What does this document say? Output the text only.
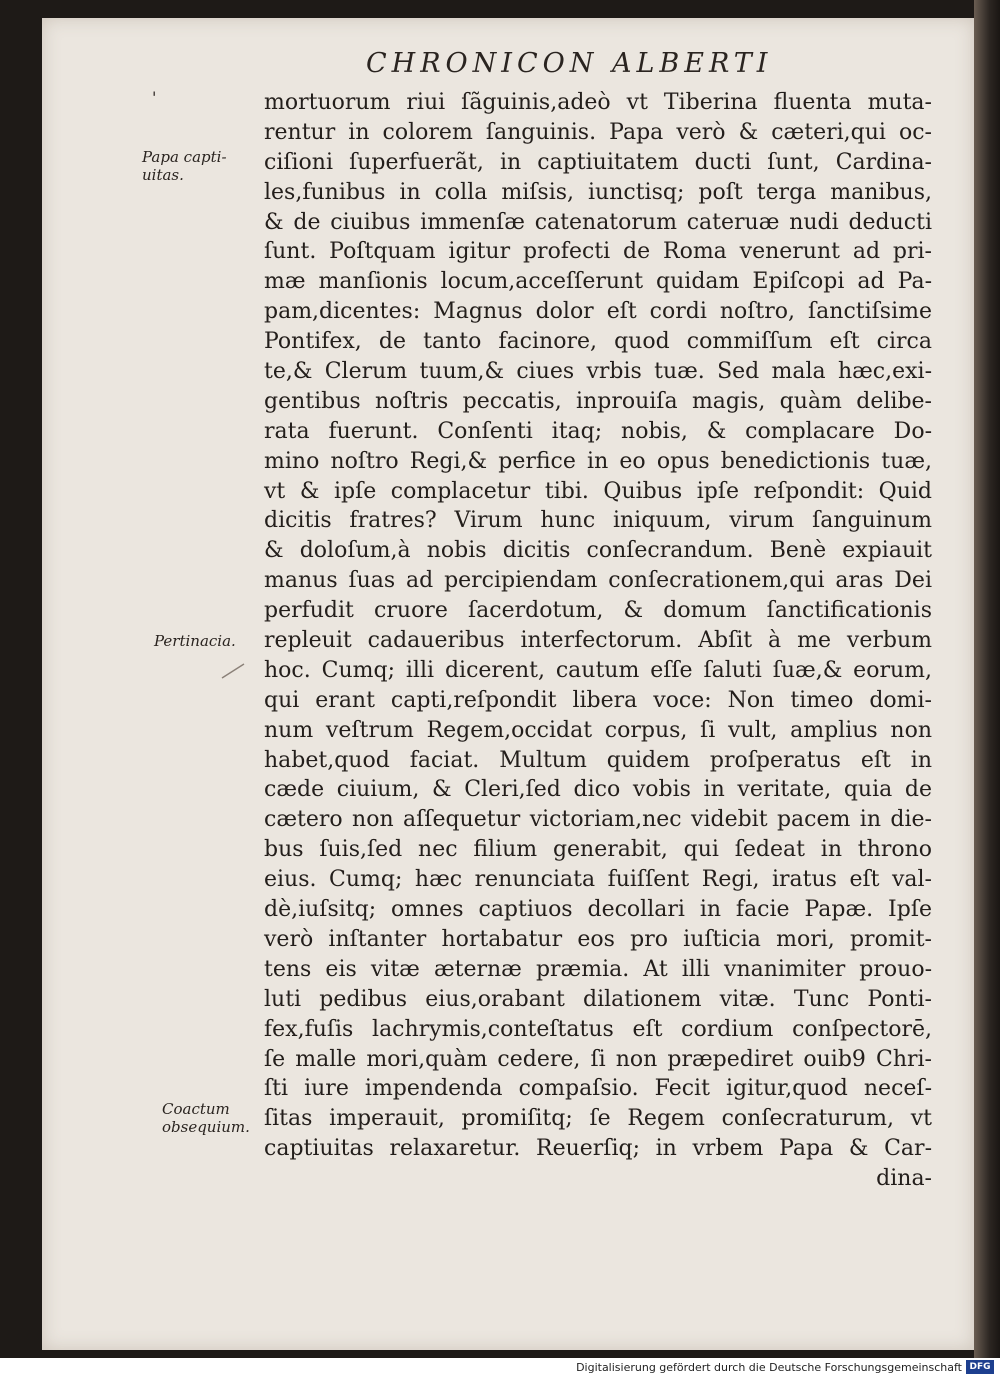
CHRONICON ALBERTI
'
Papa capti- uitas.
Pertinacia.
Coactum obsequium.
mortuorum riui ſãguinis,adeò vt Tiberina fluenta muta-
rentur in colorem ſanguinis. Papa verò & cæteri,qui oc-
ciſioni ſuperfuerãt, in captiuitatem ducti ſunt, Cardina-
les,funibus in colla miſsis, iunctisq; poſt terga manibus,
& de ciuibus immenſæ catenatorum cateruæ nudi deducti
ſunt. Poſtquam igitur profecti de Roma venerunt ad pri-
mæ manſionis locum,acceſſerunt quidam Epiſcopi ad Pa-
pam,dicentes: Magnus dolor eſt cordi noſtro, ſanctiſsime
Pontifex, de tanto facinore, quod commiſſum eſt circa
te,& Clerum tuum,& ciues vrbis tuæ. Sed mala hæc,exi-
gentibus noſtris peccatis, inprouiſa magis, quàm delibe-
rata fuerunt. Conſenti itaq; nobis, & complacare Do-
mino noſtro Regi,& perfice in eo opus benedictionis tuæ,
vt & ipſe complacetur tibi. Quibus ipſe reſpondit: Quid
dicitis fratres? Virum hunc iniquum, virum ſanguinum
& doloſum,à nobis dicitis conſecrandum. Benè expiauit
manus ſuas ad percipiendam conſecrationem,qui aras Dei
perfudit cruore ſacerdotum, & domum ſanctificationis
repleuit cadaueribus interfectorum. Abſit à me verbum
hoc. Cumq; illi dicerent, cautum eſſe ſaluti ſuæ,& eorum,
qui erant capti,reſpondit libera voce: Non timeo domi-
num veſtrum Regem,occidat corpus, ſi vult, amplius non
habet,quod faciat. Multum quidem proſperatus eſt in
cæde ciuium, & Cleri,ſed dico vobis in veritate, quia de
cætero non aſſequetur victoriam,nec videbit pacem in die-
bus ſuis,ſed nec filium generabit, qui ſedeat in throno
eius. Cumq; hæc renunciata fuiſſent Regi, iratus eſt val-
dè,iuſsitq; omnes captiuos decollari in facie Papæ. Ipſe
verò inſtanter hortabatur eos pro iuſticia mori, promit-
tens eis vitæ æternæ præmia. At illi vnanimiter prouo-
luti pedibus eius,orabant dilationem vitæ. Tunc Ponti-
fex,fuſis lachrymis,conteſtatus eſt cordium conſpectorē,
ſe malle mori,quàm cedere, ſi non præpediret ouib9 Chri-
ſti iure impendenda compaſsio. Fecit igitur,quod neceſ-
ſitas imperauit, promiſitq; ſe Regem conſecraturum, vt
captiuitas relaxaretur. Reuerſiq; in vrbem Papa & Car-
dina-
Digitalisierung gefördert durch die Deutsche Forschungsgemeinschaft DFG
